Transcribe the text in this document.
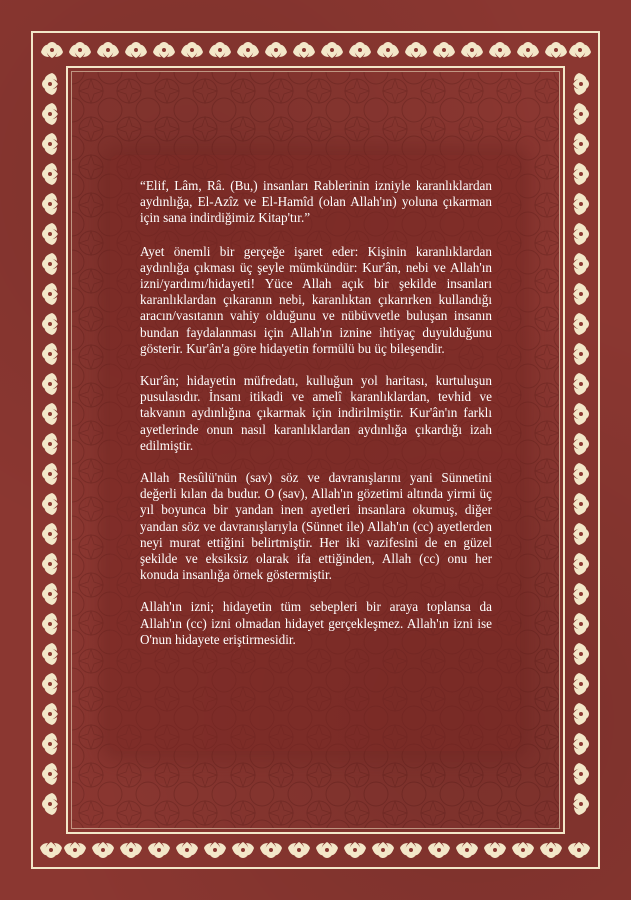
“Elif, Lâm, Râ. (Bu,) insanları Rablerinin izniyle karanlıklardan aydınlığa, El-Azîz ve El-Hamîd (olan Allah'ın) yoluna çıkarman için sana indirdiğimiz Kitap'tır.”

Ayet önemli bir gerçeğe işaret eder: Kişinin karanlıklardan aydınlığa çıkması üç şeyle mümkündür: Kur'ân, nebi ve Allah'ın izni/yardımı/hidayeti! Yüce Allah açık bir şekilde insanları karanlıklardan çıkaranın nebi, karanlıktan çıkarırken kullandığı aracın/vasıtanın vahiy olduğunu ve nübüvvetle buluşan insanın bundan faydalanması için Allah'ın iznine ihtiyaç duyulduğunu gösterir. Kur'ân'a göre hidayetin formülü bu üç bileşendir.

Kur'ân; hidayetin müfredatı, kulluğun yol haritası, kurtuluşun pusulasıdır. İnsanı itikadi ve amelî karanlıklardan, tevhid ve takvanın aydınlığına çıkarmak için indirilmiştir. Kur'ân'ın farklı ayetlerinde onun nasıl karanlıklardan aydınlığa çıkardığı izah edilmiştir.

Allah Resûlü'nün (sav) söz ve davranışlarını yani Sünnetini değerli kılan da budur. O (sav), Allah'ın gözetimi altında yirmi üç yıl boyunca bir yandan inen ayetleri insanlara okumuş, diğer yandan söz ve davranışlarıyla (Sünnet ile) Allah'ın (cc) ayetlerden neyi murat ettiğini belirtmiştir. Her iki vazifesini de en güzel şekilde ve eksiksiz olarak ifa ettiğinden, Allah (cc) onu her konuda insanlığa örnek göstermiştir.

Allah'ın izni; hidayetin tüm sebepleri bir araya toplansa da Allah'ın (cc) izni olmadan hidayet gerçekleşmez. Allah'ın izni ise O'nun hidayete eriştirmesidir.
